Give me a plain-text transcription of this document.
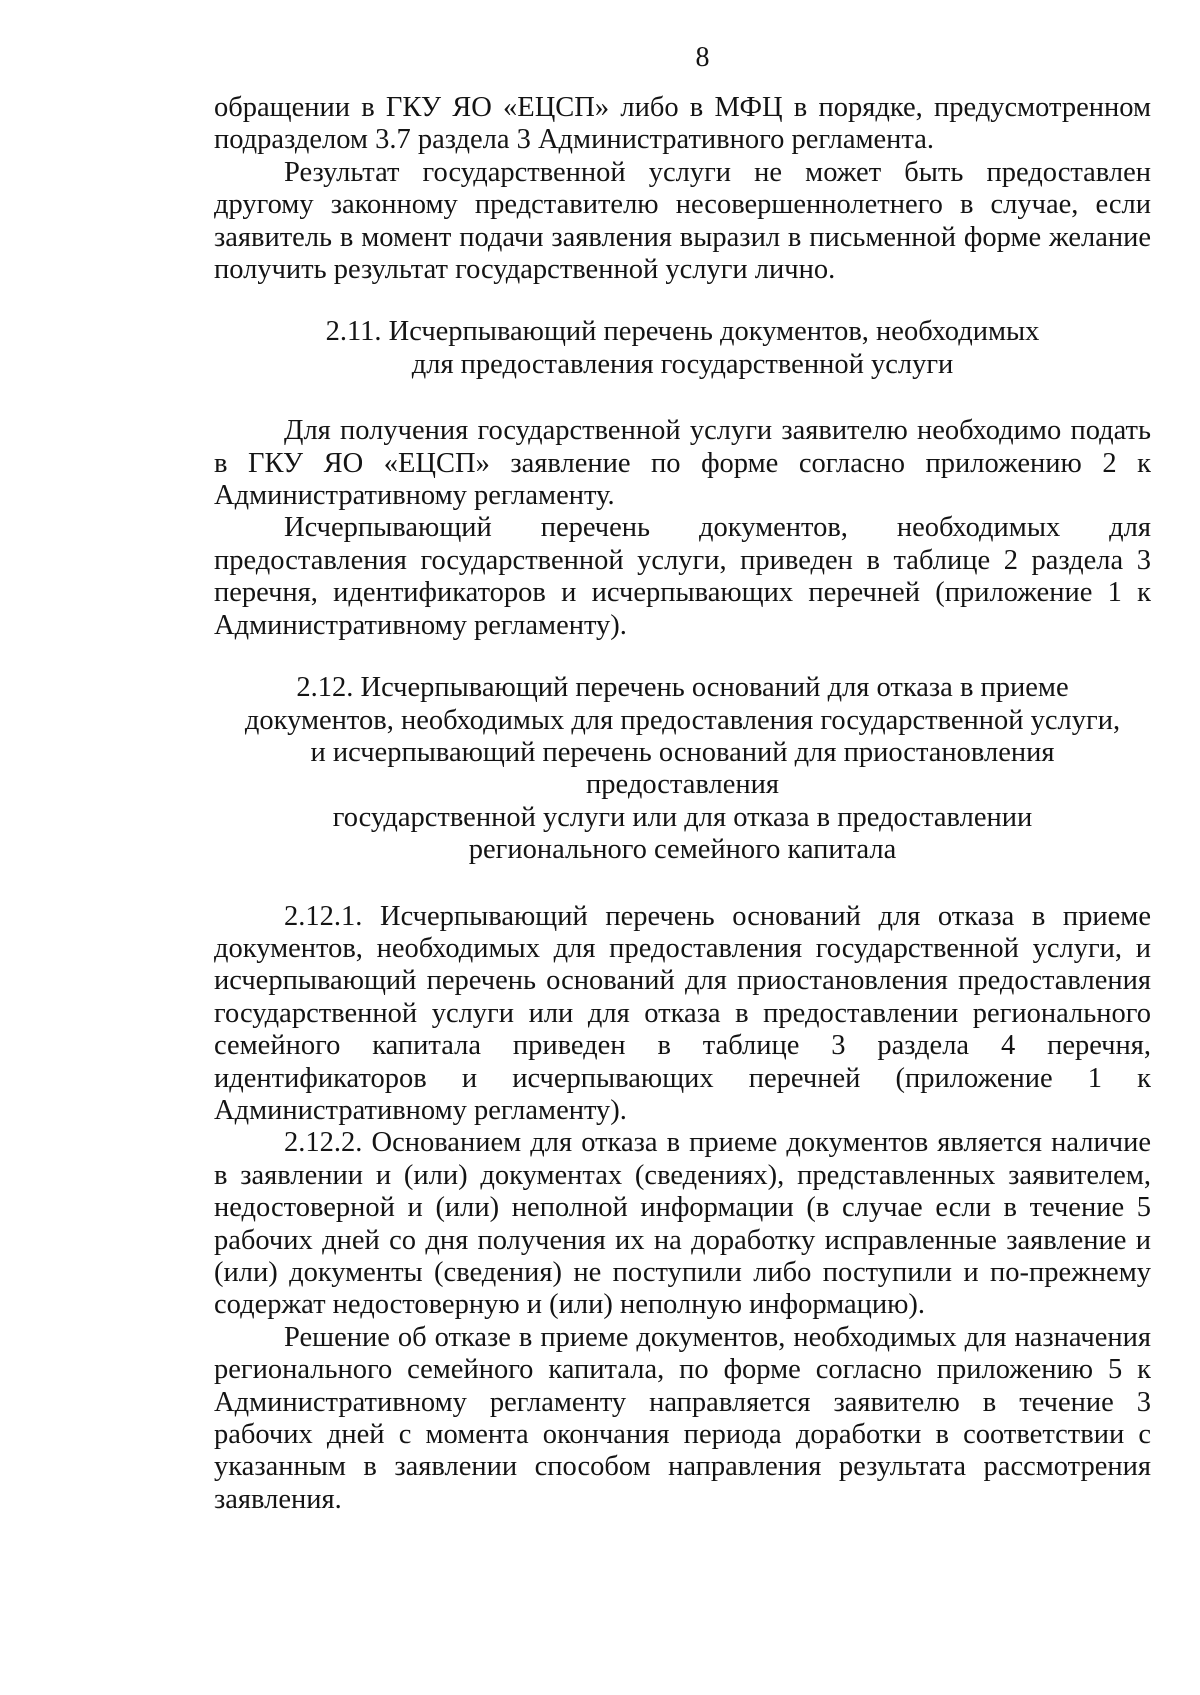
8

обращении в ГКУ ЯО «ЕЦСП» либо в МФЦ в порядке, предусмотренном подразделом 3.7 раздела 3 Административного регламента.

Результат государственной услуги не может быть предоставлен другому законному представителю несовершеннолетнего в случае, если заявитель в момент подачи заявления выразил в письменной форме желание получить результат государственной услуги лично.

2.11. Исчерпывающий перечень документов, необходимых
для предоставления государственной услуги

Для получения государственной услуги заявителю необходимо подать в ГКУ ЯО «ЕЦСП» заявление по форме согласно приложению 2 к Административному регламенту.

Исчерпывающий перечень документов, необходимых для предоставления государственной услуги, приведен в таблице 2 раздела 3 перечня, идентификаторов и исчерпывающих перечней (приложение 1 к Административному регламенту).

2.12. Исчерпывающий перечень оснований для отказа в приеме
документов, необходимых для предоставления государственной услуги,
и исчерпывающий перечень оснований для приостановления предоставления
государственной услуги или для отказа в предоставлении
регионального семейного капитала

2.12.1. Исчерпывающий перечень оснований для отказа в приеме документов, необходимых для предоставления государственной услуги, и исчерпывающий перечень оснований для приостановления предоставления государственной услуги или для отказа в предоставлении регионального семейного капитала приведен в таблице 3 раздела 4 перечня, идентификаторов и исчерпывающих перечней (приложение 1 к Административному регламенту).

2.12.2. Основанием для отказа в приеме документов является наличие в заявлении и (или) документах (сведениях), представленных заявителем, недостоверной и (или) неполной информации (в случае если в течение 5 рабочих дней со дня получения их на доработку исправленные заявление и (или) документы (сведения) не поступили либо поступили и по-прежнему содержат недостоверную и (или) неполную информацию).

Решение об отказе в приеме документов, необходимых для назначения регионального семейного капитала, по форме согласно приложению 5 к Административному регламенту направляется заявителю в течение 3 рабочих дней с момента окончания периода доработки в соответствии с указанным в заявлении способом направления результата рассмотрения заявления.
